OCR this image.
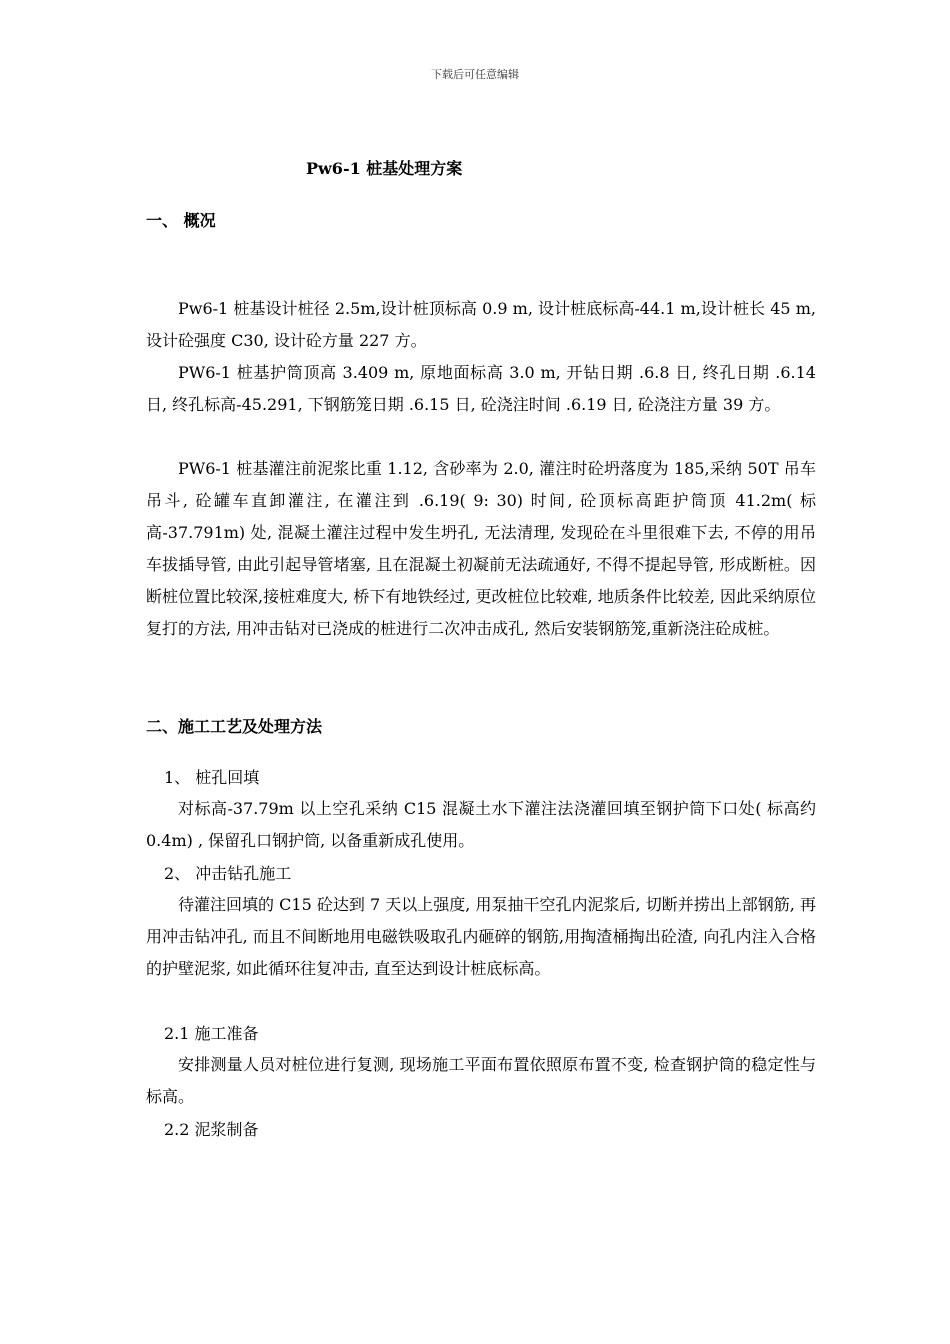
下载后可任意编辑
Pw6-1 桩基处理方案
一、 概况
Pw6-1 桩基设计桩径 2.5m,设计桩顶标高 0.9 m, 设计桩底标高-44.1 m,设计桩长 45 m, 设计砼强度 C30, 设计砼方量 227 方。
PW6-1 桩基护筒顶高 3.409 m, 原地面标高 3.0 m, 开钻日期 .6.8 日, 终孔日期 .6.14 日, 终孔标高-45.291, 下钢筋笼日期 .6.15 日, 砼浇注时间 .6.19 日, 砼浇注方量 39 方。
PW6-1 桩基灌注前泥浆比重 1.12, 含砂率为 2.0, 灌注时砼坍落度为 185,采纳 50T 吊车吊斗, 砼罐车直卸灌注, 在灌注到 .6.19( 9: 30) 时间, 砼顶标高距护筒顶 41.2m( 标高-37.791m) 处, 混凝土灌注过程中发生坍孔, 无法清理, 发现砼在斗里很难下去, 不停的用吊车拔插导管, 由此引起导管堵塞, 且在混凝土初凝前无法疏通好, 不得不提起导管, 形成断桩。因断桩位置比较深,接桩难度大, 桥下有地铁经过, 更改桩位比较难, 地质条件比较差, 因此采纳原位复打的方法, 用冲击钻对已浇成的桩进行二次冲击成孔, 然后安装钢筋笼,重新浇注砼成桩。
二、施工工艺及处理方法
1、 桩孔回填
对标高-37.79m 以上空孔采纳 C15 混凝土水下灌注法浇灌回填至钢护筒下口处( 标高约 0.4m) , 保留孔口钢护筒, 以备重新成孔使用。
2、 冲击钻孔施工
待灌注回填的 C15 砼达到 7 天以上强度, 用泵抽干空孔内泥浆后, 切断并捞出上部钢筋, 再用冲击钻冲孔, 而且不间断地用电磁铁吸取孔内砸碎的钢筋,用掏渣桶掏出砼渣, 向孔内注入合格的护壁泥浆, 如此循环往复冲击, 直至达到设计桩底标高。
2.1 施工准备
安排测量人员对桩位进行复测, 现场施工平面布置依照原布置不变, 检查钢护筒的稳定性与标高。
2.2 泥浆制备
